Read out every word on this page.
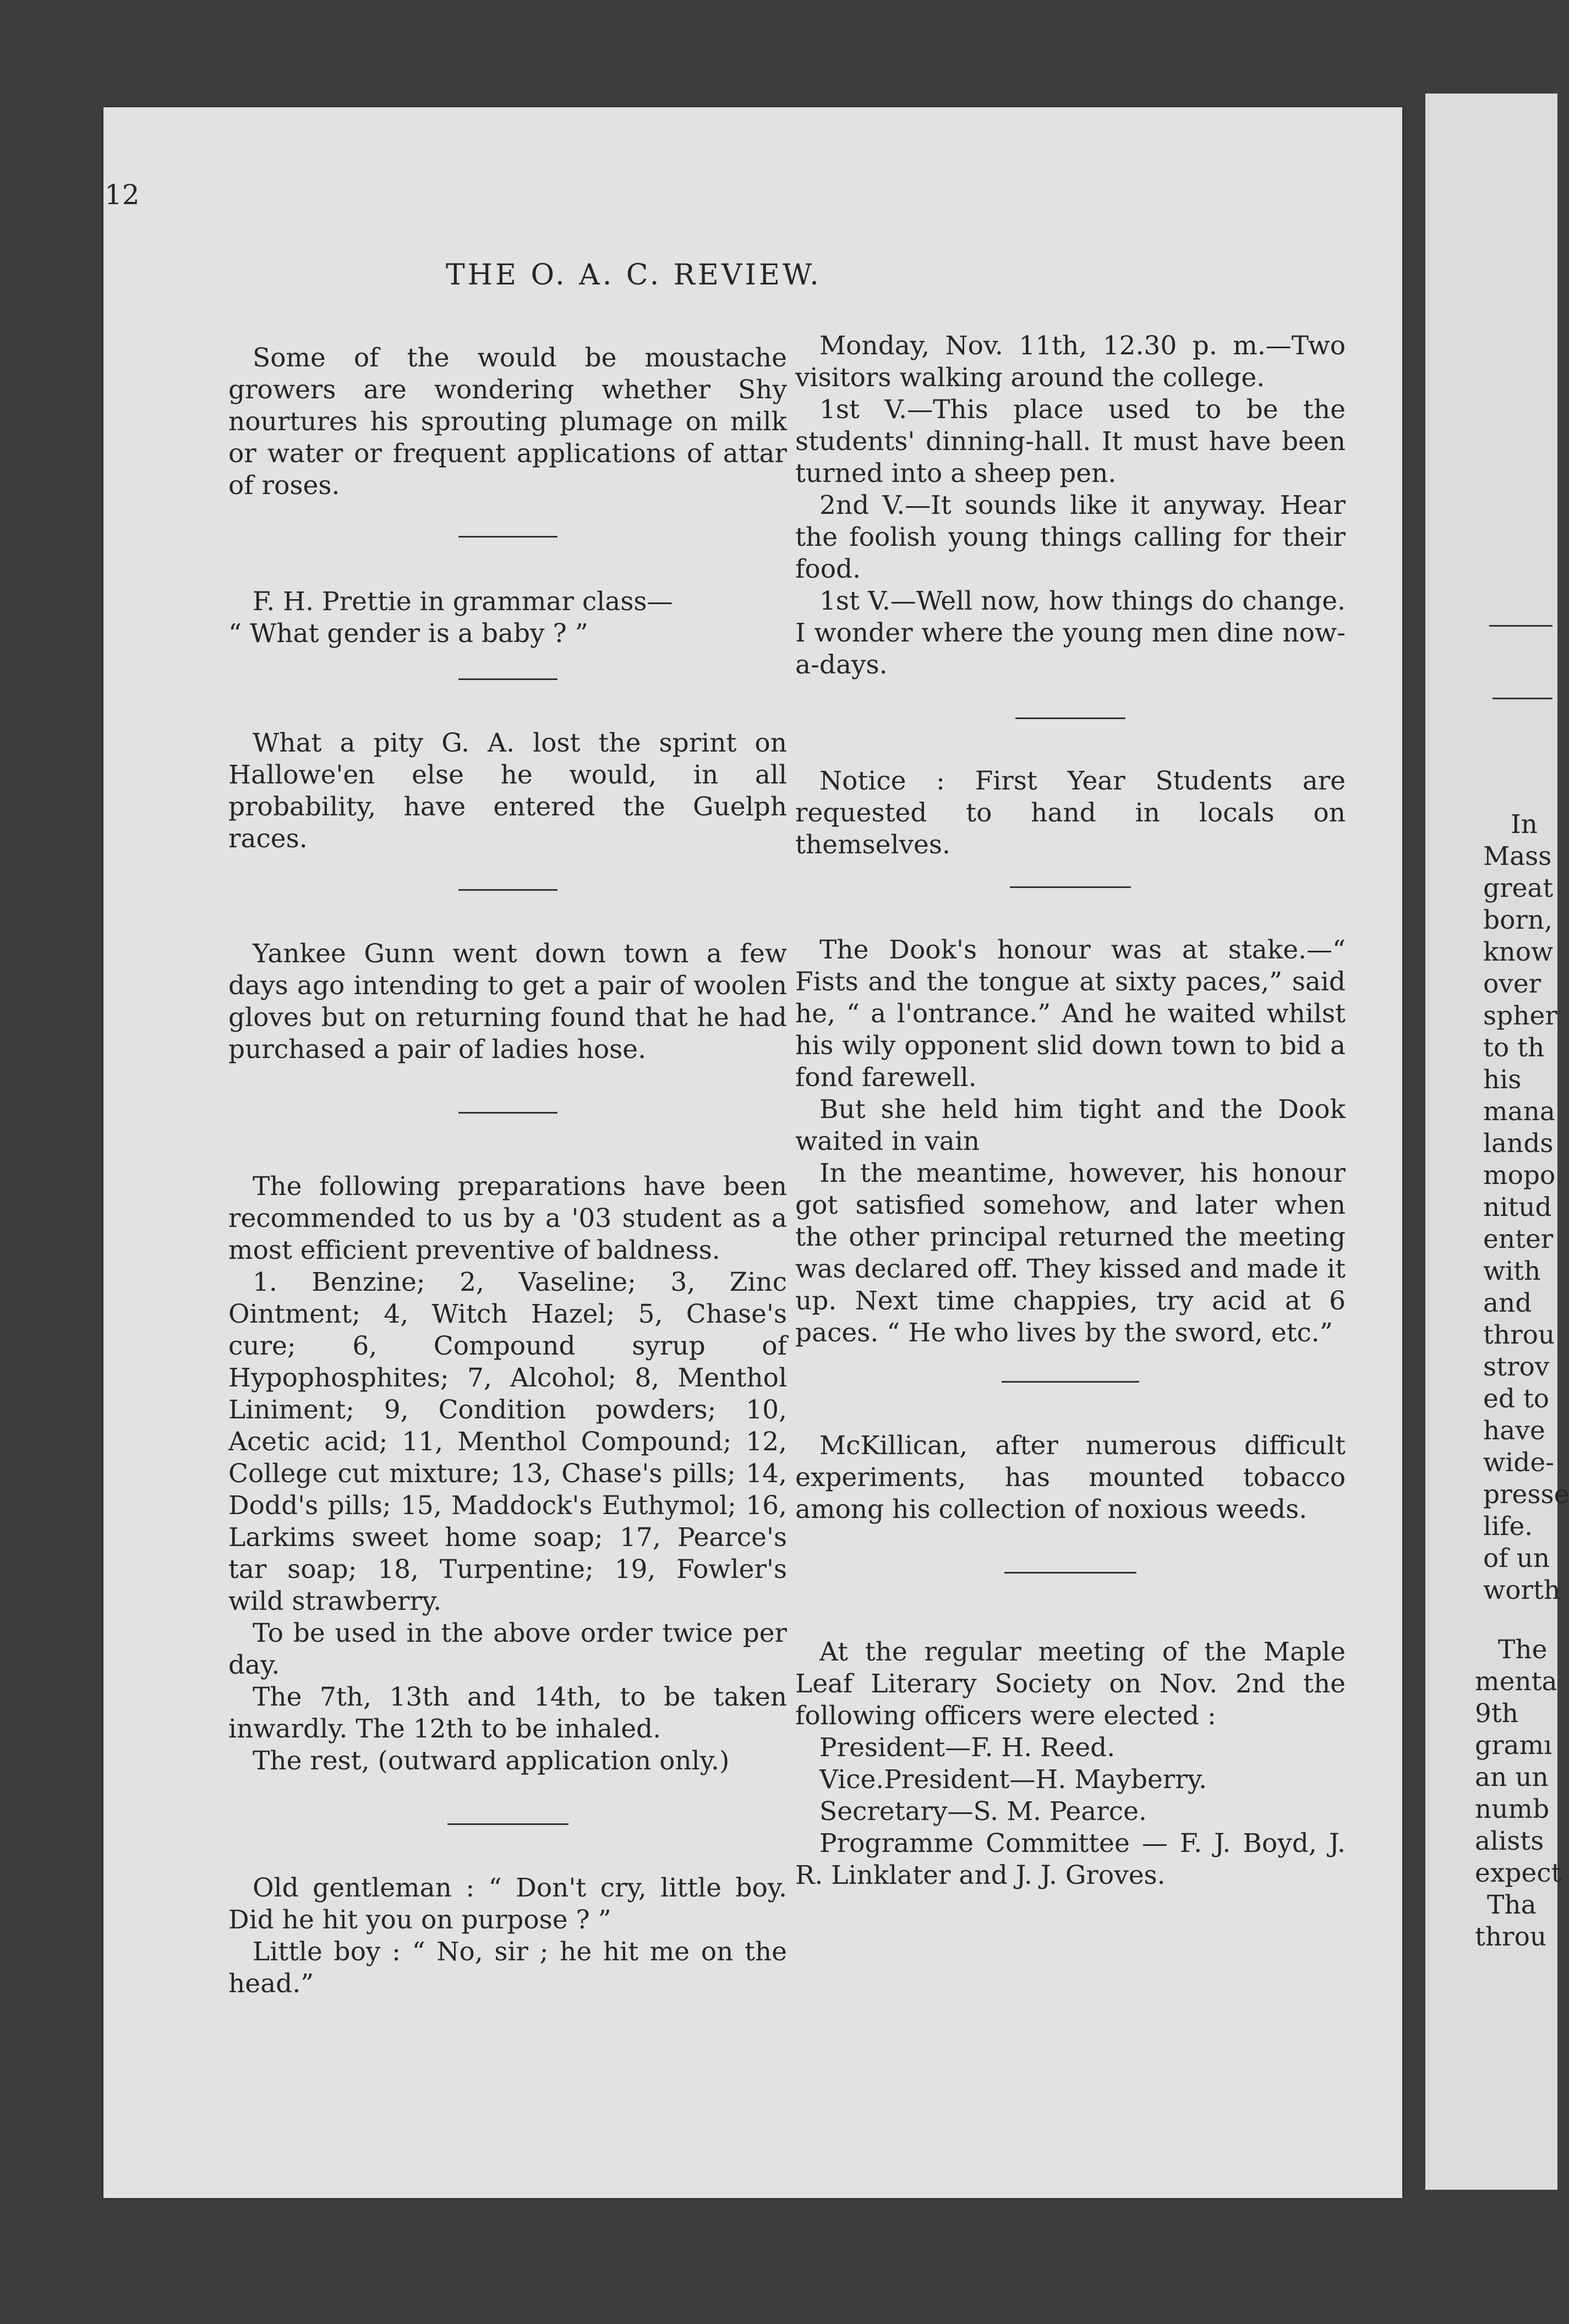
12
THE O. A. C. REVIEW.

Some of the would be moustache growers are wondering whether Shy nourtures his sprouting plumage on milk or water or frequent applications of attar of roses.

F. H. Prettie in grammar class—

“ What gender is a baby ? ”

What a pity G. A. lost the sprint on Hallowe'en else he would, in all probability, have entered the Guelph races.

Yankee Gunn went down town a few days ago intending to get a pair of woolen gloves but on returning found that he had purchased a pair of ladies hose.

The following preparations have been recommended to us by a '03 student as a most efficient preventive of baldness.

1. Benzine; 2, Vaseline; 3, Zinc Ointment; 4, Witch Hazel; 5, Chase's cure; 6, Compound syrup of Hypophosphites; 7, Alcohol; 8, Menthol Liniment; 9, Condition powders; 10, Acetic acid; 11, Menthol Compound; 12, College cut mixture; 13, Chase's pills; 14, Dodd's pills; 15, Maddock's Euthymol; 16, Larkims sweet home soap; 17, Pearce's tar soap; 18, Turpentine; 19, Fowler's wild strawberry.

To be used in the above order twice per day.

The 7th, 13th and 14th, to be taken inwardly. The 12th to be inhaled.

The rest, (outward application only.)

Old gentleman : “ Don't cry, little boy. Did he hit you on purpose ? ”

Little boy : “ No, sir ; he hit me on the head.”

Monday, Nov. 11th, 12.30 p. m.—Two visitors walking around the college.

1st V.—This place used to be the students' dinning-hall. It must have been turned into a sheep pen.

2nd V.—It sounds like it anyway. Hear the foolish young things calling for their food.

1st V.—Well now, how things do change. I wonder where the young men dine now-a-days.

Notice : First Year Students are requested to hand in locals on themselves.

The Dook's honour was at stake.—“ Fists and the tongue at sixty paces,” said he, “ a l'ontrance.” And he waited whilst his wily opponent slid down town to bid a fond farewell.

But she held him tight and the Dook waited in vain

In the meantime, however, his honour got satisfied somehow, and later when the other principal returned the meeting was declared off. They kissed and made it up. Next time chappies, try acid at 6 paces. “ He who lives by the sword, etc.”

McKillican, after numerous difficult experiments, has mounted tobacco among his collection of noxious weeds.

At the regular meeting of the Maple Leaf Literary Society on Nov. 2nd the following officers were elected :

President—F. H. Reed.

Vice.President—H. Mayberry.

Secretary—S. M. Pearce.

Programme Committee — F. J. Boyd, J. R. Linklater and J. J. Groves.

In
Mass
great
born,
know
over
spher
to th
his
mana
lands
mopo
nitud
enter
with
and
throu
strov
ed to
have
wide-
presse
life.
of un
worth
The
menta
9th
gramı
an un
numb
alists
expect
Tha
throu
